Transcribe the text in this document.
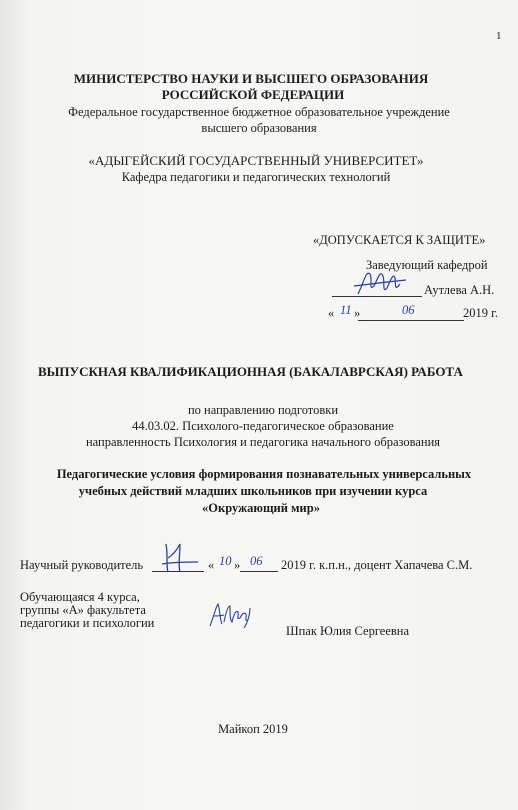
1
МИНИСТЕРСТВО НАУКИ И ВЫСШЕГО ОБРАЗОВАНИЯ
РОССИЙСКОЙ ФЕДЕРАЦИИ
Федеральное государственное бюджетное образовательное учреждение
высшего образования
«АДЫГЕЙСКИЙ ГОСУДАРСТВЕННЫЙ УНИВЕРСИТЕТ»
Кафедра педагогики и педагогических технологий
«ДОПУСКАЕТСЯ К ЗАЩИТЕ»
Заведующий кафедрой
Аутлева А.Н.
« 11 »	06	2019 г.
ВЫПУСКНАЯ КВАЛИФИКАЦИОННАЯ (БАКАЛАВРСКАЯ) РАБОТА
по направлению подготовки
44.03.02. Психолого-педагогическое образование
направленность Психология и педагогика начального образования
Педагогические условия формирования познавательных универсальных
учебных действий младших школьников при изучении курса
«Окружающий мир»
Научный руководитель	« 10 » 06 2019 г. к.п.н., доцент Хапачева С.М.
Обучающаяся 4 курса,
группы «А» факультета
педагогики и психологии
Шпак Юлия Сергеевна
Майкоп 2019
